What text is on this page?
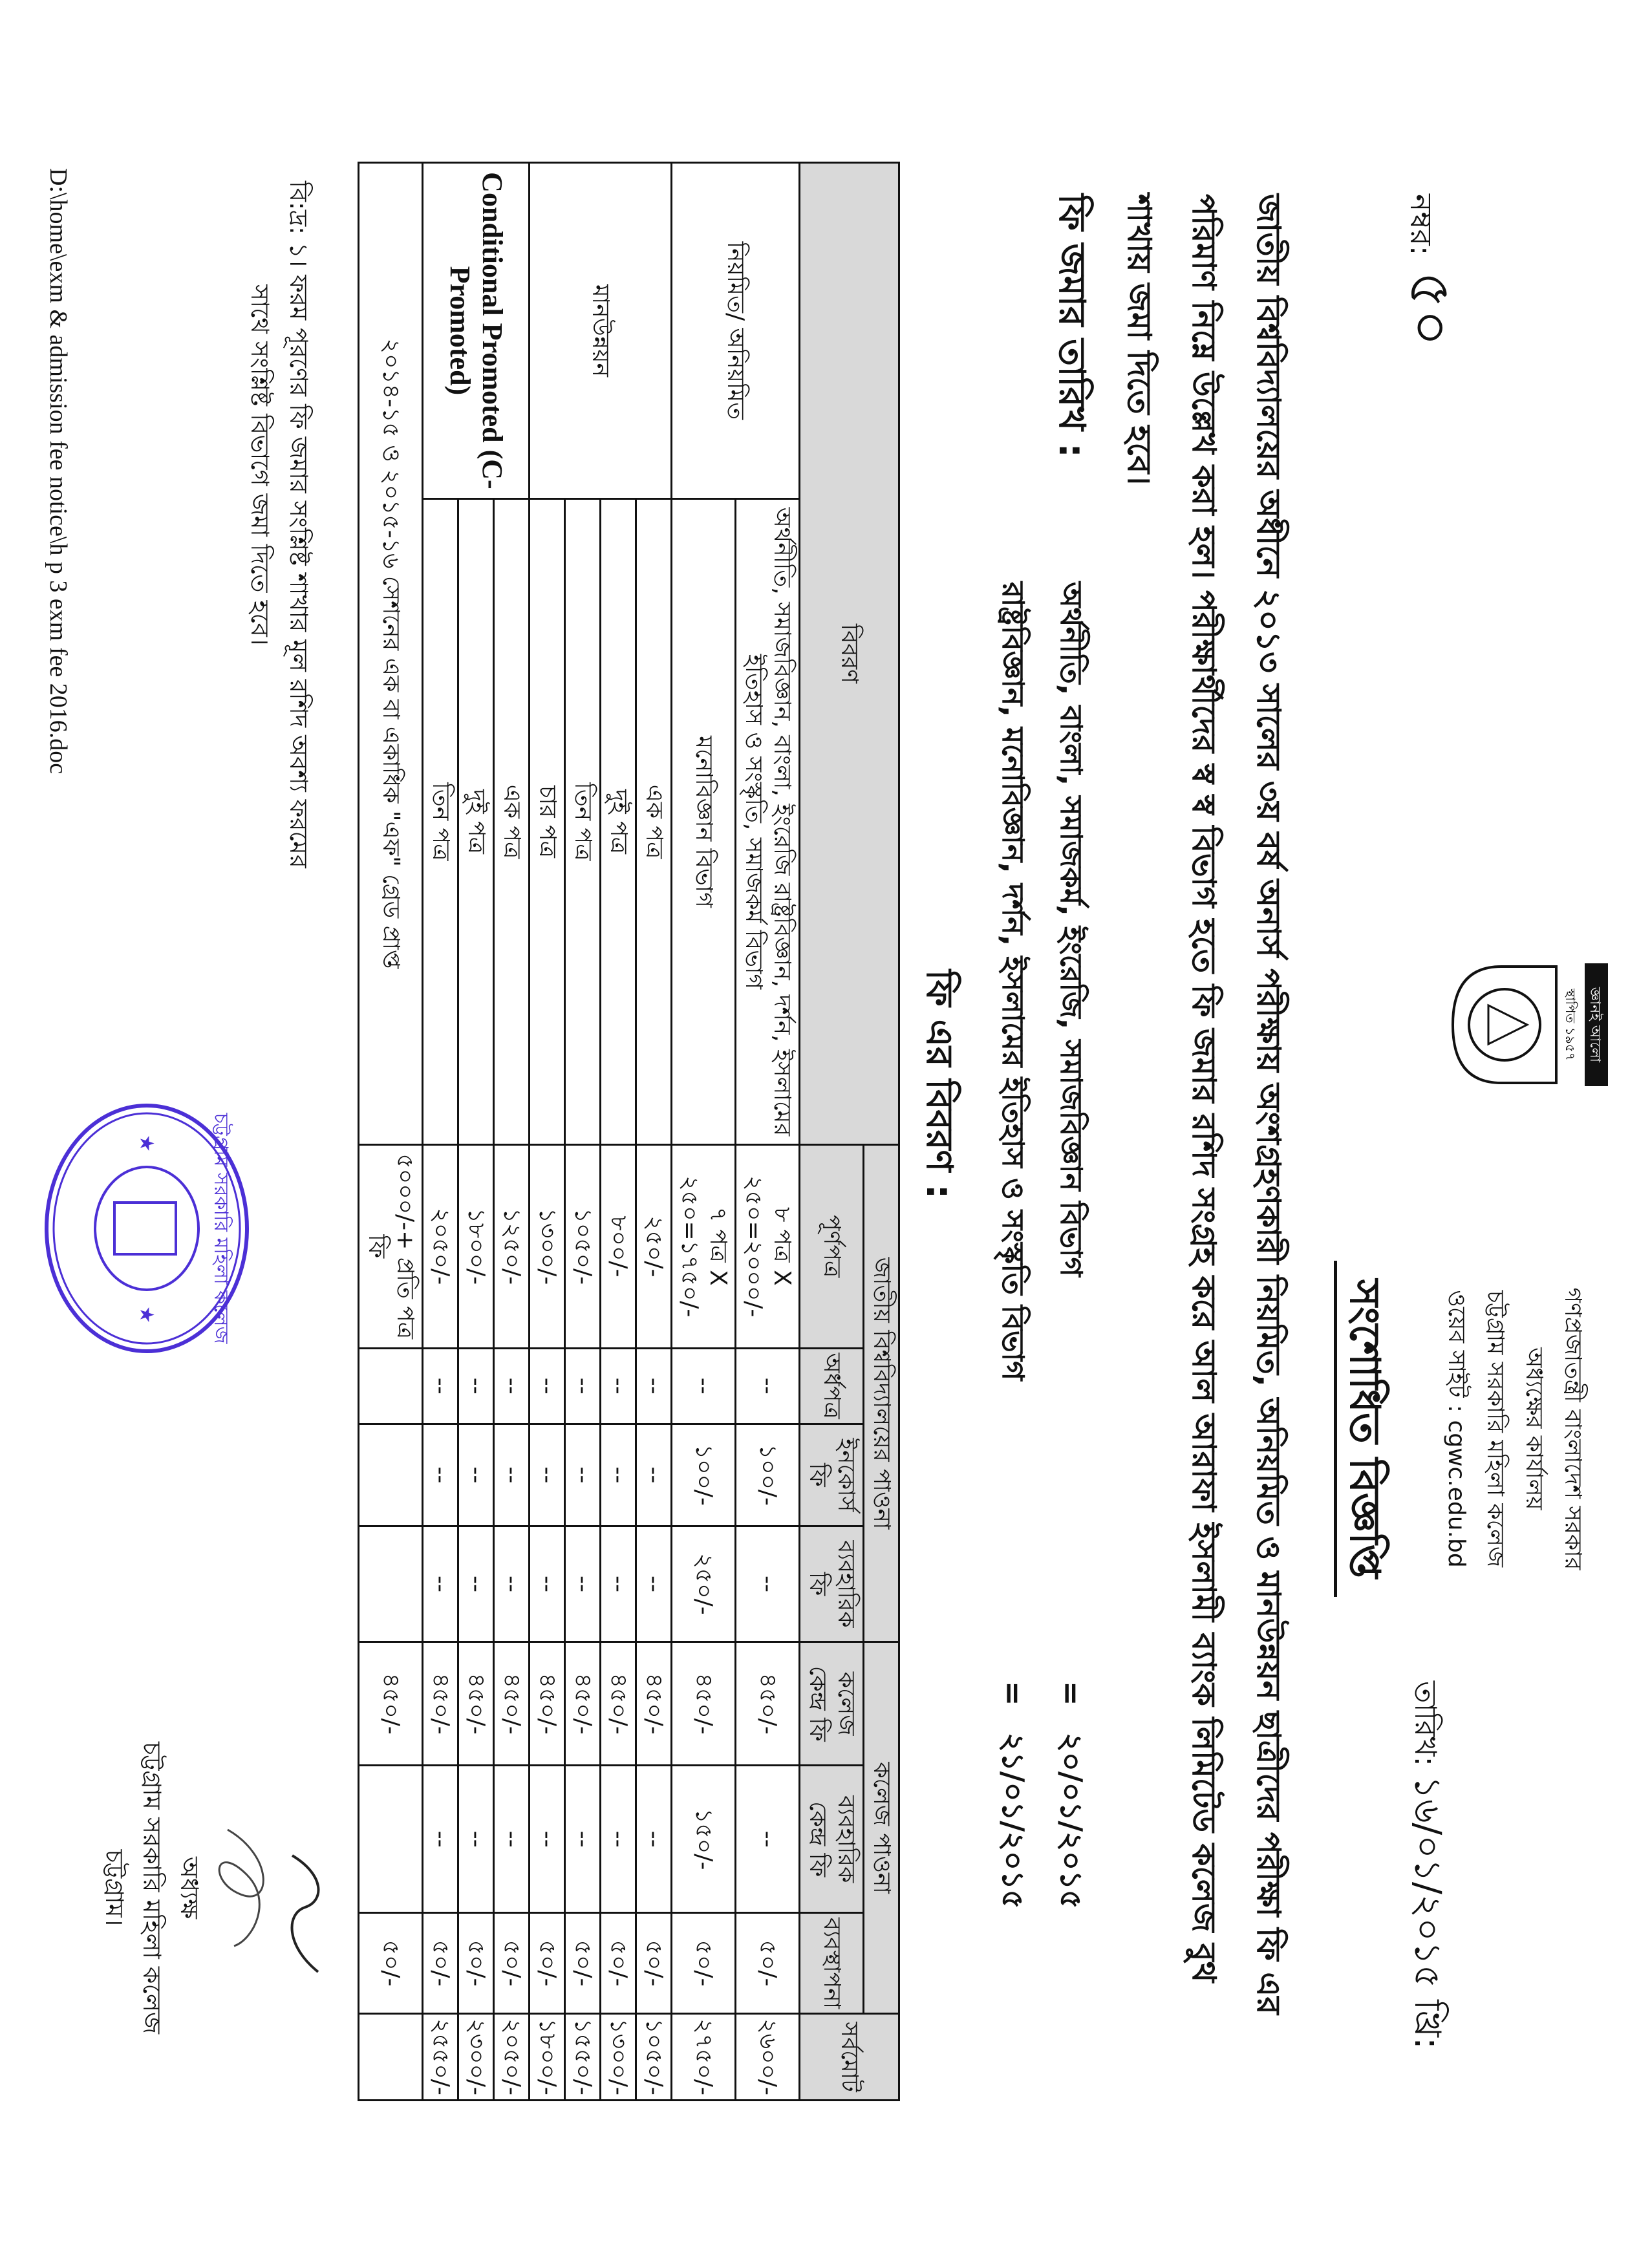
নম্বর:৫০
জ্ঞানই আলো
স্থাপিত ১৯৫৭
গণপ্রজাতন্ত্রী বাংলাদেশ সরকার
অধ্যক্ষের কার্যালয়
চট্টগ্রাম সরকারি মহিলা কলেজ
ওয়েব সাইট : cgwc.edu.bd
সংশোধিত বিজ্ঞপ্তি
তারিখ: ১৬/০১/২০১৫ খ্রি:
জাতীয় বিশ্ববিদ্যালয়ের অধীনে ২০১৩ সালের ৩য় বর্ষ অনার্স পরীক্ষায় অংশগ্রহণকারী নিয়মিত, অনিয়মিত ও মানউন্নয়ন ছাত্রীদের পরীক্ষা ফি এর পরিমাণ নিম্নে উল্লেখ করা হল। পরীক্ষার্থীদের স্ব স্ব বিভাগ হতে ফি জমার রশিদ সংগ্রহ করে আল আরাফা ইসলামী ব্যাংক লিমিটেড কলেজ বুথ শাখায় জমা দিতে হবে।
ফি জমার তারিখ :
অর্থনীতি, বাংলা, সমাজকর্ম, ইংরেজি, সমাজবিজ্ঞান বিভাগ
=
২০/০১/২০১৫
রাষ্ট্রবিজ্ঞান, মনোবিজ্ঞান, দর্শন, ইসলামের ইতিহাস ও সংস্কৃতি বিভাগ
=
২১/০১/২০১৫
ফি এর বিবরণ :
বিবরণ		জাতীয় বিশ্ববিদ্যালয়ের পাওনা				কলেজ পাওনা			সর্বমোট
		পূর্ণপত্র	অর্ধপত্র	ইনকোর্স ফি	ব্যবহারিক ফি	কলেজ কেন্দ্র ফি	ব্যবহারিক কেন্দ্র ফি	ব্যবস্থাপনা	
নিয়মিত/ অনিয়মিত	অর্থনীতি, সমাজবিজ্ঞান, বাংলা, ইংরেজি রাষ্ট্রবিজ্ঞান, দর্শন, ইসলামের ইতিহাস ও সংস্কৃতি, সমাজকর্ম বিভাগ	৮ পত্র X ২৫০=২০০০/-	--	১০০/-	--	৪৫০/-	--	৫০/-	২৬০০/-
	মনোবিজ্ঞান বিভাগ	৭ পত্র X ২৫০=১৭৫০/-	--	১০০/-	২৫০/-	৪৫০/-	১৫০/-	৫০/-	২৭৫০/-
মানউন্নয়ন	এক পত্র	২৫০/-	--	--	--	৪৫০/-	--	৫০/-	১০৫০/-
	দুই পত্র	৮০০/-	--	--	--	৪৫০/-	--	৫০/-	১৩০০/-
	তিন পত্র	১০৫০/-	--	--	--	৪৫০/-	--	৫০/-	১৫৫০/-
	চার পত্র	১৩০০/-	--	--	--	৪৫০/-	--	৫০/-	১৮০০/-
Conditional Promoted (C-Promoted)	এক পত্র	১২৫০/-	--	--	--	৪৫০/-	--	৫০/-	২০৫০/-
	দুই পত্র	১৮০০/-	--	--	--	৪৫০/-	--	৫০/-	২৩০০/-
	তিন পত্র	২০৫০/-	--	--	--	৪৫০/-	--	৫০/-	২৫৫০/-
২০১৪-১৫ ও ২০১৫-১৬ সেশনের এক বা একাধিক "এফ" গ্রেড প্রাপ্ত		৫০০০/-+ প্রতি পত্র ফি				৪৫০/-		৫০/-	
বি:দ্র: ১। ফরম পূরণের ফি জমার সংশ্লিষ্ট শাখার মূল রশিদ অবশ্য ফরমের
সাথে সংশ্লিষ্ট বিভাগে জমা দিতে হবে।
D:\home\exm & admission fee notice\h p 3 exm fee 2016.doc
চট্টগ্রাম সরকারি মহিলা কলেজ
★
★
অধ্যক্ষ
চট্টগ্রাম সরকারি মহিলা কলেজ
চট্টগ্রাম।
